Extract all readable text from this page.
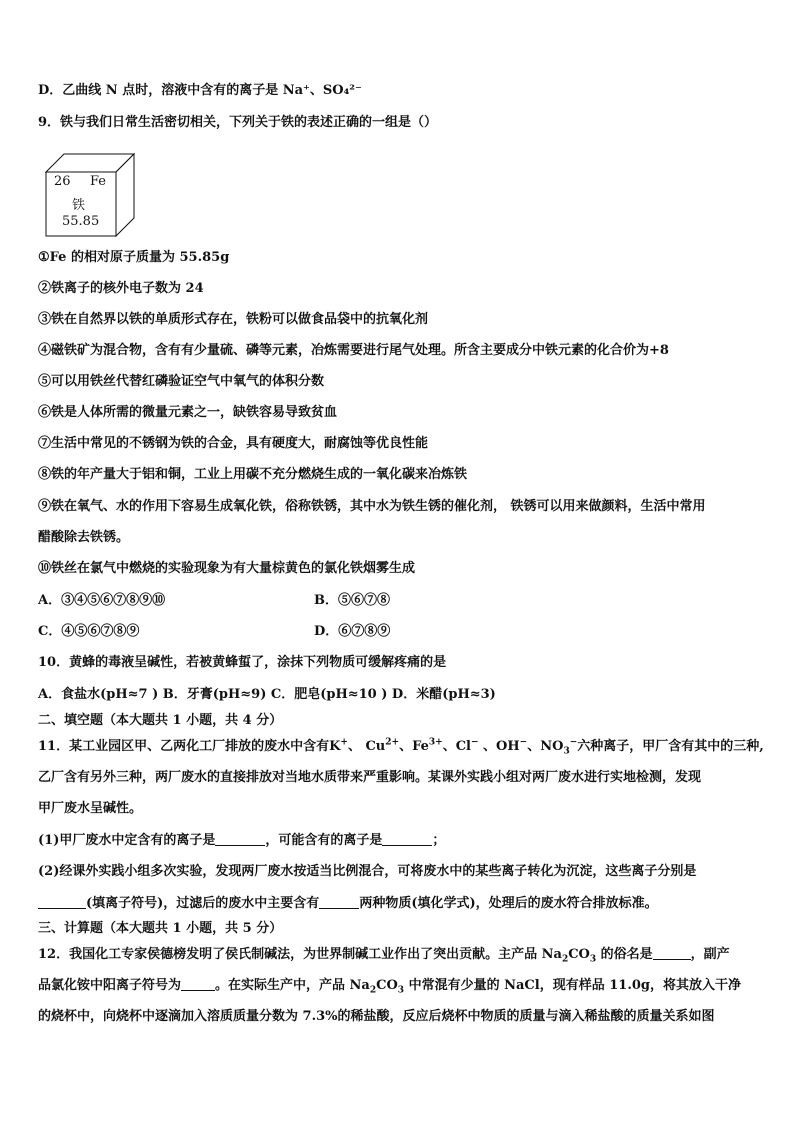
D．乙曲线 N 点时，溶液中含有的离子是 Na⁺、SO₄²⁻
9．铁与我们日常生活密切相关，下列关于铁的表述正确的一组是（）
26 Fe
铁
55.85
①Fe 的相对原子质量为 55.85g
②铁离子的核外电子数为 24
③铁在自然界以铁的单质形式存在，铁粉可以做食品袋中的抗氧化剂
④磁铁矿为混合物，含有有少量硫、磷等元素，冶炼需要进行尾气处理。所含主要成分中铁元素的化合价为+8
⑤可以用铁丝代替红磷验证空气中氧气的体积分数
⑥铁是人体所需的微量元素之一，缺铁容易导致贫血
⑦生活中常见的不锈钢为铁的合金，具有硬度大，耐腐蚀等优良性能
⑧铁的年产量大于铝和铜，工业上用碳不充分燃烧生成的一氧化碳来冶炼铁
⑨铁在氧气、水的作用下容易生成氧化铁，俗称铁锈，其中水为铁生锈的催化剂， 铁锈可以用来做颜料，生活中常用
醋酸除去铁锈。
⑩铁丝在氯气中燃烧的实验现象为有大量棕黄色的氯化铁烟雾生成
A．③④⑤⑥⑦⑧⑨⑩	B．⑤⑥⑦⑧
C．④⑤⑥⑦⑧⑨	D．⑥⑦⑧⑨
10．黄蜂的毒液呈碱性，若被黄蜂蜇了，涂抹下列物质可缓解疼痛的是
A．食盐水(pH≈7 ) B．牙膏(pH≈9) C．肥皂(pH≈10 ) D．米醋(pH≈3)
二、填空题（本大题共 1 小题，共 4 分）
11．某工业园区甲、乙两化工厂排放的废水中含有K+、 $Cu^{2+}$、$Fe^{3+}$、Cl− 、OH−、$NO_3^-$六种离子，甲厂含有其中的三种,
乙厂含有另外三种，两厂废水的直接排放对当地水质带来严重影响。某课外实践小组对两厂废水进行实地检测，发现
甲厂废水呈碱性。
(1)甲厂废水中定含有的离子是	，可能含有的离子是	；
(2)经课外实践小组多次实验，发现两厂废水按适当比例混合，可将废水中的某些离子转化为沉淀，这些离子分别是
(填离子符号)，过滤后的废水中主要含有	两种物质(填化学式)，处理后的废水符合排放标准。
三、计算题（本大题共 1 小题，共 5 分）
12．我国化工专家侯德榜发明了侯氏制碱法，为世界制碱工业作出了突出贡献。主产品 $Na_2CO_3$ 的俗名是	，副产
品氯化铵中阳离子符号为	。在实际生产中，产品 $Na_2CO_3$ 中常混有少量的 NaCl，现有样品 11.0g，将其放入干净
的烧杯中，向烧杯中逐滴加入溶质质量分数为 7.3%的稀盐酸，反应后烧杯中物质的质量与滴入稀盐酸的质量关系如图
